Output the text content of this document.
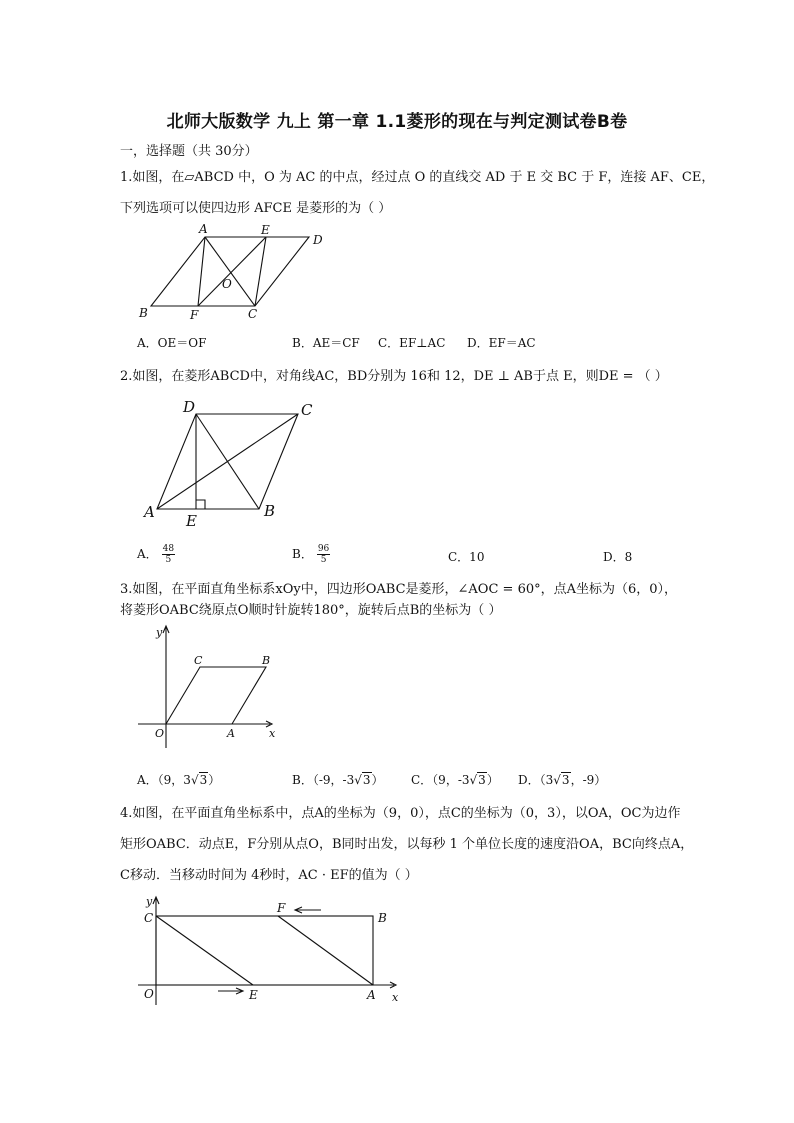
北师大版数学 九上 第一章 1.1菱形的现在与判定测试卷B卷
一，选择题（共 30分）
1.如图，在▱ABCD 中，O 为 AC 的中点，经过点 O 的直线交 AD 于 E 交 BC 于 F，连接 AF、CE，
下列选项可以使四边形 AFCE 是菱形的为（ ）
A	E
D
O
B	F	C
A．OE＝OF	B．AE＝CF C．EF⊥AC D．EF＝AC
2.如图，在菱形ABCD中，对角线AC，BD分别为 16和 12，DE ⊥ AB于点 E，则DE = （ ）
D	C
A E
B
A． $\frac{48}{5}$	B． $\frac{96}{5}$	C．10	D．8
3.如图，在平面直角坐标系xOy中，四边形OABC是菱形，∠AOC = 60°，点A坐标为（6，0），
将菱形OABC绕原点O顺时针旋转180°，旋转后点B的坐标为（ ）
y
C	B
O	A	x
A．（9，3√3）	B．（-9，-3√3） C．（9，-3√3） D．（3√3，-9）
4.如图，在平面直角坐标系中，点A的坐标为（9，0），点C的坐标为（0，3），以OA，OC为边作
矩形OABC．动点E，F分别从点O，B同时出发，以每秒 1 个单位长度的速度沿OA，BC向终点A，
C移动．当移动时间为 4秒时，AC · EF的值为（ ）
y
C
F
B
O	E	A x
